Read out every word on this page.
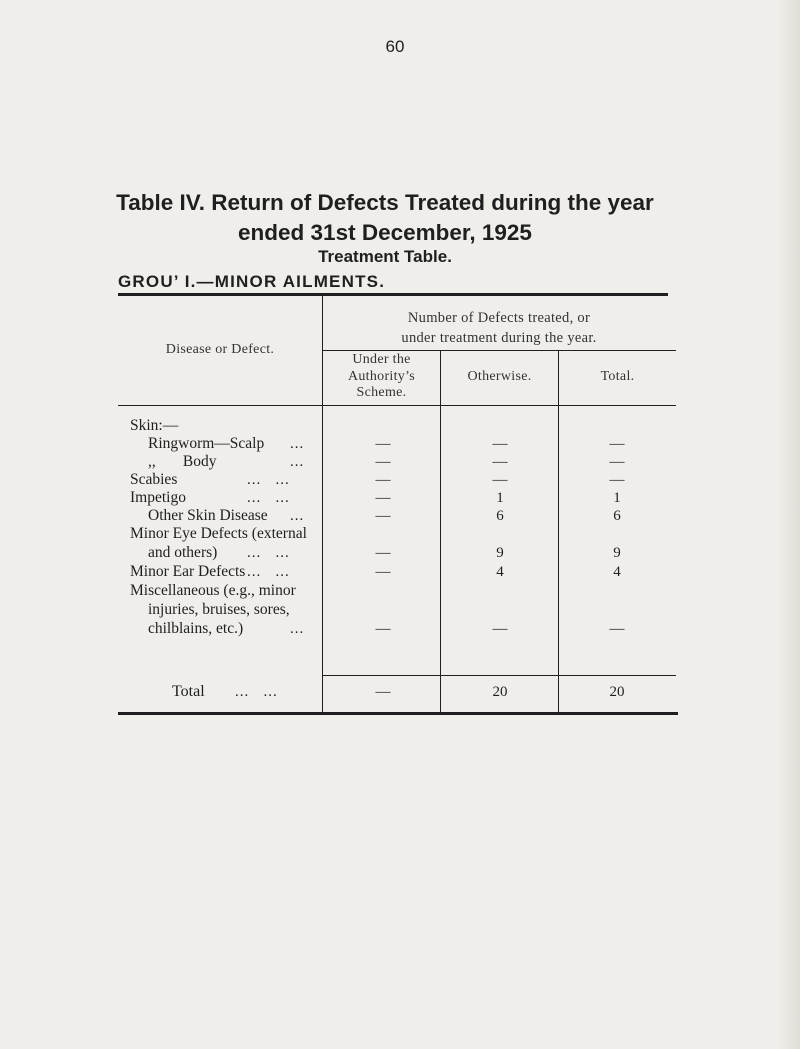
60
Table IV. Return of Defects Treated during the year
ended 31st December, 1925
Treatment Table.
GROU’ I.—MINOR AILMENTS.
Disease or Defect.
Number of Defects treated, or
under treatment during the year.
Under the
Authority’s
Scheme.
Otherwise.	Total.
Skin:—
Ringworm—Scalp ...	—	—	—
,,       Body	...	—	—	—
Scabies	...   ...	—	—	—
Impetigo	...   ...	—	1	1
Other Skin Disease ...	—	6	6
Minor Eye Defects (external
and others) ...   ...	—	9	9
Minor Ear Defects ...   ...	—	4	4
Miscellaneous (e.g., minor
injuries, bruises, sores,
chilblains, etc.)	...	—	—	—
Total ...   ...	—	20	20
